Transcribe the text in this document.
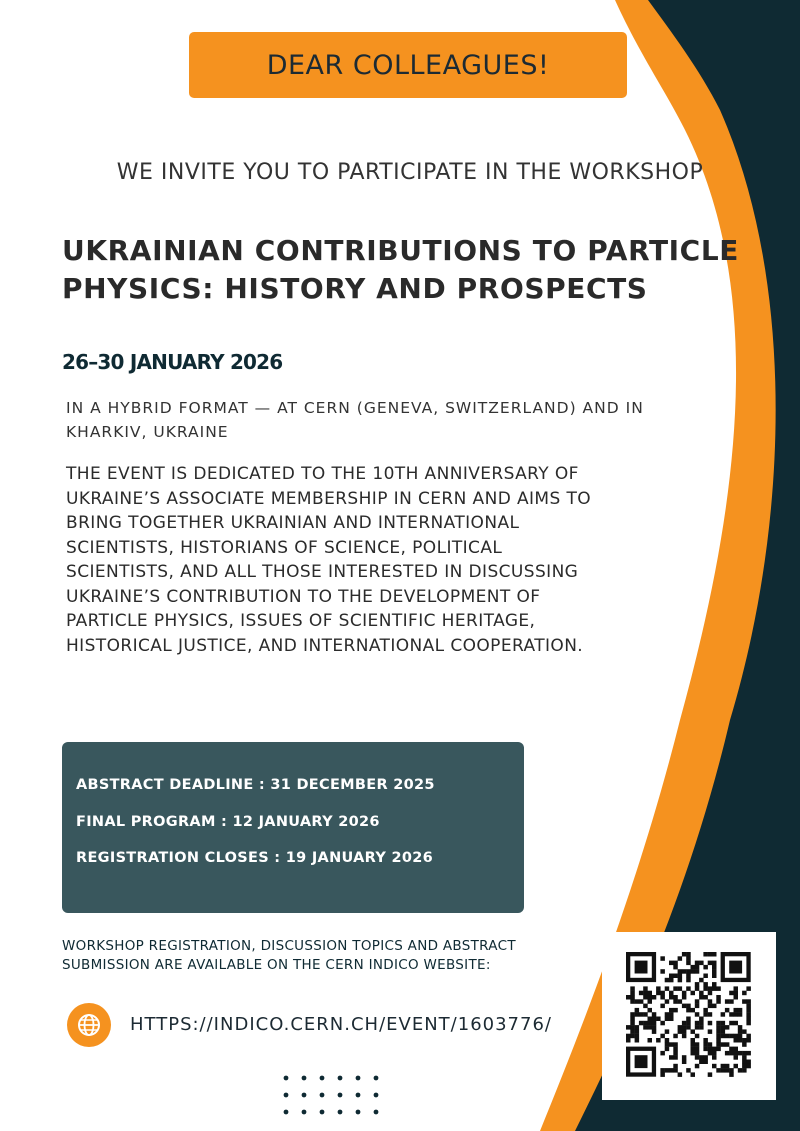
DEAR COLLEAGUES!
WE INVITE YOU TO PARTICIPATE IN THE WORKSHOP
UKRAINIAN CONTRIBUTIONS TO PARTICLE PHYSICS: HISTORY AND PROSPECTS
26–30 JANUARY 2026
IN A HYBRID FORMAT — AT CERN (GENEVA, SWITZERLAND) AND IN KHARKIV, UKRAINE
THE EVENT IS DEDICATED TO THE 10TH ANNIVERSARY OF UKRAINE’S ASSOCIATE MEMBERSHIP IN CERN AND AIMS TO BRING TOGETHER UKRAINIAN AND INTERNATIONAL SCIENTISTS, HISTORIANS OF SCIENCE, POLITICAL SCIENTISTS, AND ALL THOSE INTERESTED IN DISCUSSING UKRAINE’S CONTRIBUTION TO THE DEVELOPMENT OF PARTICLE PHYSICS, ISSUES OF SCIENTIFIC HERITAGE, HISTORICAL JUSTICE, AND INTERNATIONAL COOPERATION.
ABSTRACT DEADLINE : 31 DECEMBER 2025
FINAL PROGRAM : 12 JANUARY 2026
REGISTRATION CLOSES : 19 JANUARY 2026
WORKSHOP REGISTRATION, DISCUSSION TOPICS AND ABSTRACT SUBMISSION ARE AVAILABLE ON THE CERN INDICO WEBSITE:
HTTPS://INDICO.CERN.CH/EVENT/1603776/
